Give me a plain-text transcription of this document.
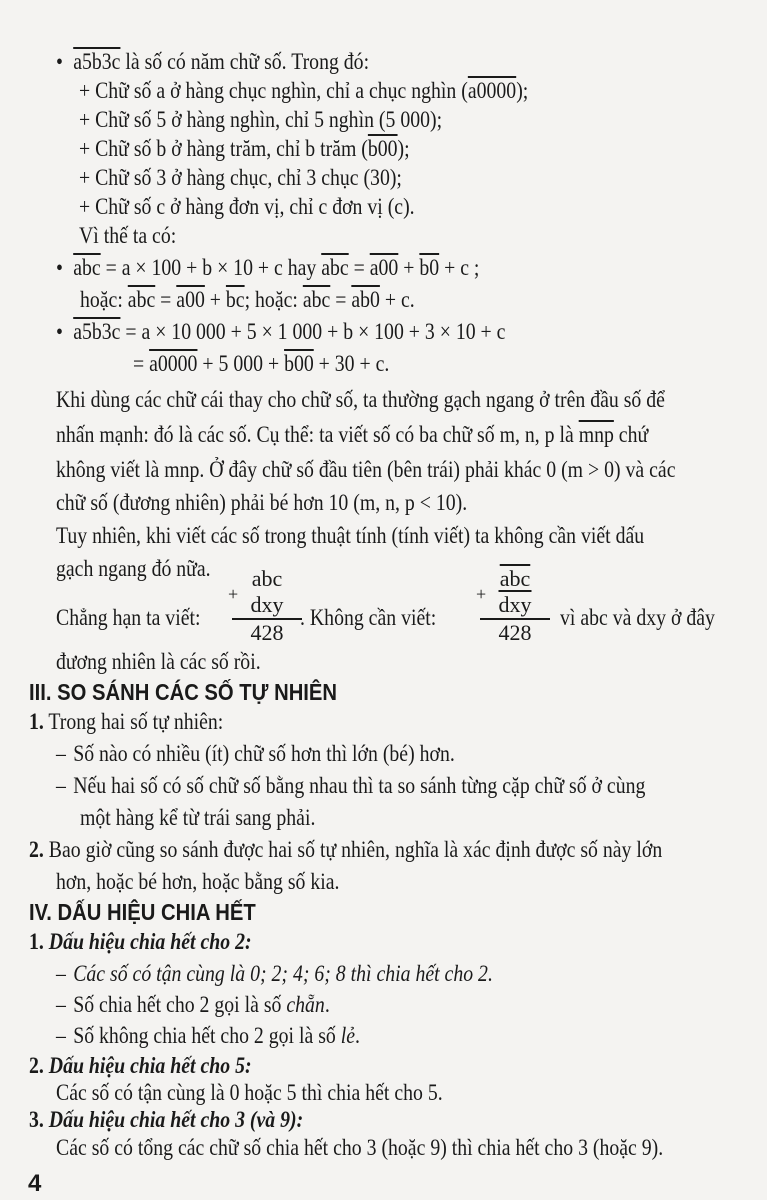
• a5b3c là số có năm chữ số. Trong đó:
+ Chữ số a ở hàng chục nghìn, chỉ a chục nghìn (a0000);
+ Chữ số 5 ở hàng nghìn, chỉ 5 nghìn (5 000);
+ Chữ số b ở hàng trăm, chỉ b trăm (b00);
+ Chữ số 3 ở hàng chục, chỉ 3 chục (30);
+ Chữ số c ở hàng đơn vị, chỉ c đơn vị (c).
Vì thế ta có:
• $\overline{abc} = a \times 100 + b \times 10 + c$ hay $\overline{abc} = a00 + b0 + c$ ;
hoặc: $\overline{abc} = a00 + \overline{bc}$; hoặc: $\overline{abc} = ab0 + c$.
• a5b3c = a × 10 000 + 5 × 1 000 + b × 100 + 3 × 10 + c
= a0000 + 5 000 + b00 + 30 + c.
Khi dùng các chữ cái thay cho chữ số, ta thường gạch ngang ở trên đầu số để
nhấn mạnh: đó là các số. Cụ thể: ta viết số có ba chữ số m, n, p là $\overline{mnp}$ chứ
không viết là mnp. Ở đây chữ số đầu tiên (bên trái) phải khác 0 (m > 0) và các
chữ số (đương nhiên) phải bé hơn 10 (m, n, p < 10).
Tuy nhiên, khi viết các số trong thuật tính (tính viết) ta không cần viết dấu
gạch ngang đó nữa.
Chẳng hạn ta viết:
+
abc
dxy
428
. Không cần viết:
+
$\overline{abc}$
$\overline{dxy}$
428
vì abc và dxy ở đây
đương nhiên là các số rồi.
III. SO SÁNH CÁC SỐ TỰ NHIÊN
1. Trong hai số tự nhiên:
– Số nào có nhiều (ít) chữ số hơn thì lớn (bé) hơn.
– Nếu hai số có số chữ số bằng nhau thì ta so sánh từng cặp chữ số ở cùng
một hàng kể từ trái sang phải.
2. Bao giờ cũng so sánh được hai số tự nhiên, nghĩa là xác định được số này lớn
hơn, hoặc bé hơn, hoặc bằng số kia.
IV. DẤU HIỆU CHIA HẾT
1. Dấu hiệu chia hết cho 2:
– Các số có tận cùng là 0; 2; 4; 6; 8 thì chia hết cho 2.
– Số chia hết cho 2 gọi là số chẵn.
– Số không chia hết cho 2 gọi là số lẻ.
2. Dấu hiệu chia hết cho 5:
Các số có tận cùng là 0 hoặc 5 thì chia hết cho 5.
3. Dấu hiệu chia hết cho 3 (và 9):
Các số có tổng các chữ số chia hết cho 3 (hoặc 9) thì chia hết cho 3 (hoặc 9).
4
